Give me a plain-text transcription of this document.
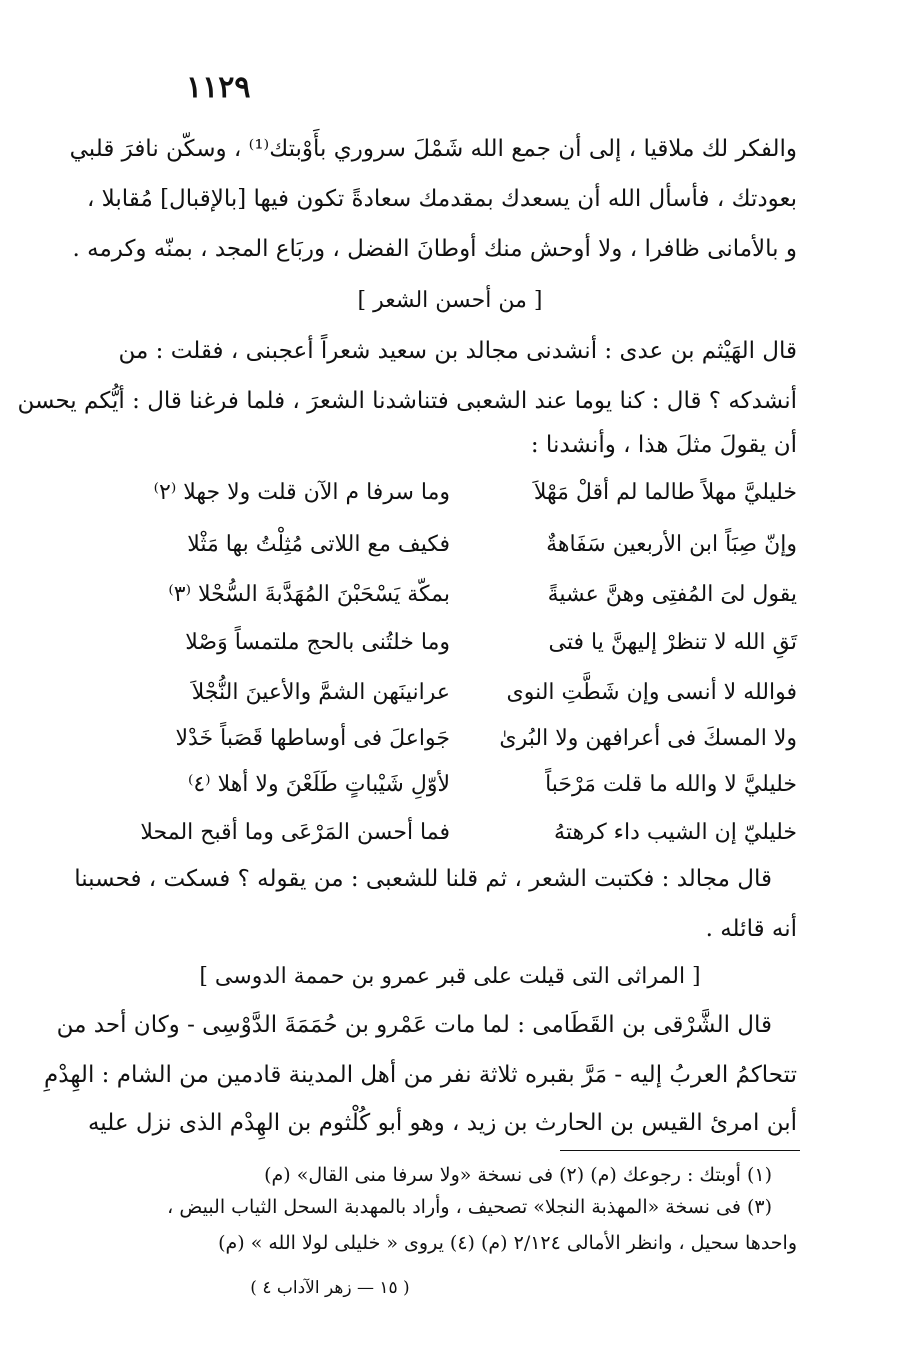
١١٢٩
والفكر لك ملاقيا ، إلى أن جمع الله شَمْلَ سروري بأَوْبتك⁽¹⁾ ، وسكّن نافرَ قلبي
بعودتك ، فأسأل الله أن يسعدك بمقدمك سعادةً تكون فيها [بالإقبال] مُقابلا ،
و بالأمانى ظافرا ، ولا أوحش منك أوطانَ الفضل ، وربَاع المجد ، بمنّه وكرمه .
[ من أحسن الشعر ]
قال الهَيْثم بن عدى : أنشدنى مجالد بن سعيد شعراً أعجبنى ، فقلت : من
أنشدكه ؟ قال : كنا يوما عند الشعبى فتناشدنا الشعرَ ، فلما فرغنا قال : أيُّكم يحسن
أن يقولَ مثلَ هذا ، وأنشدنا :
خليليَّ مهلاً طالما لم أقلْ مَهْلاَ
وما سرفا م الآن قلت ولا جهلا ⁽٢⁾
وإنّ صِبَاً ابن الأربعين سَفَاهةٌ
فكيف مع اللاتى مُثِلْتُ بها مَثْلا
يقول لىَ المُفتِى وهنَّ عشيةً
بمكّة يَسْحَبْنَ المُهَدَّبةَ السُّحْلا ⁽٣⁾
تَقِ الله لا تنظرْ إليهنَّ يا فتى
وما خلتُنى بالحج ملتمساً وَصْلا
فوالله لا أنسى وإن شَطَّتِ النوى
عرانينَهن الشمَّ والأعينَ النُّجْلاَ
ولا المسكَ فى أعرافهن ولا البُرىٰ
جَواعلَ فى أوساطها قَصَباً خَدْلا
خليليَّ لا والله ما قلت مَرْحَباً
لأوّلِ شَيْباتٍ طَلَعْنَ ولا أهلا ⁽٤⁾
خليليّ إن الشيب داء كرهتهُ
فما أحسن المَرْعَى وما أقبح المحلا
قال مجالد : فكتبت الشعر ، ثم قلنا للشعبى : من يقوله ؟ فسكت ، فحسبنا
أنه قائله .
[ المراثى التى قيلت على قبر عمرو بن حممة الدوسى ]
قال الشَّرْقى بن القَطَامى : لما مات عَمْرو بن حُمَمَةَ الدَّوْسِى - وكان أحد من
تتحاكمُ العربُ إليه - مَرَّ بقبره ثلاثة نفر من أهل المدينة قادمين من الشام : الهِدْمِ
أبن امرئ القيس بن الحارث بن زيد ، وهو أبو كُلْثوم بن الهِدْم الذى نزل عليه
(١) أوبتك : رجوعك (م) (٢) فى نسخة «ولا سرفا منى القال» (م)
(٣) فى نسخة «المهذبة النجلا» تصحيف ، وأراد بالمهدبة السحل الثياب البيض ،
واحدها سحيل ، وانظر الأمالى ٢/١٢٤ (م) (٤) يروى « خليلى لولا الله » (م)
( ١٥ — زهر الآداب ٤ )
